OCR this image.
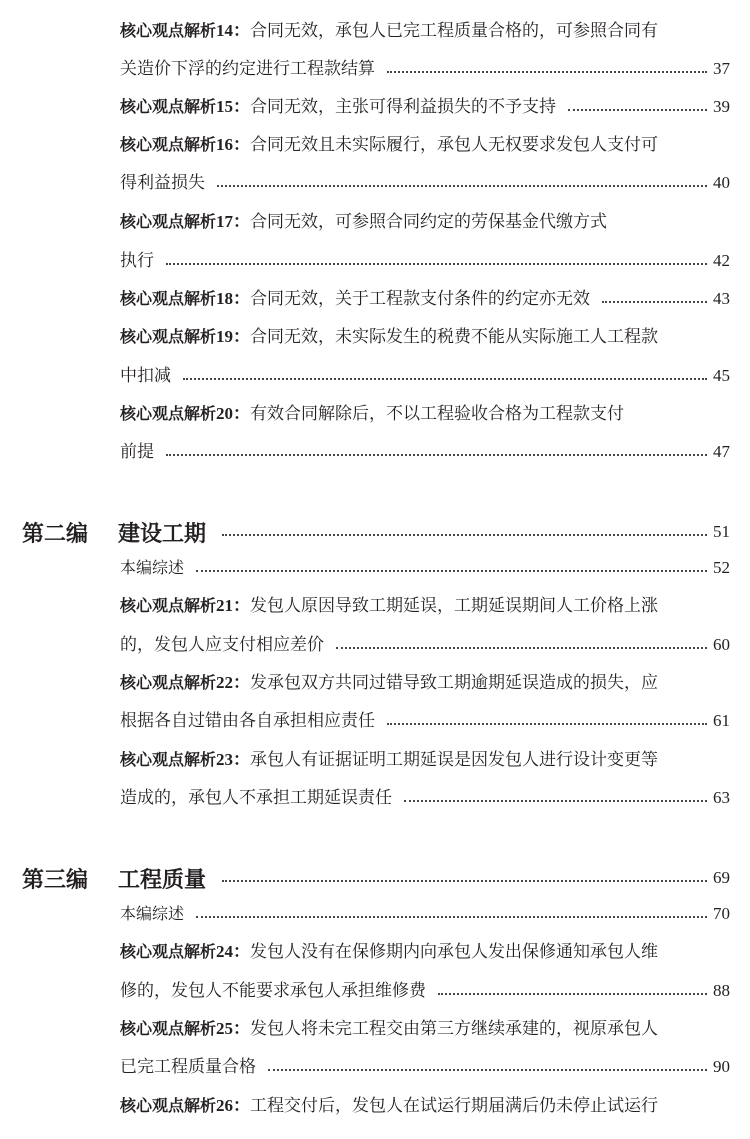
核心观点解析14：合同无效，承包人已完工程质量合格的，可参照合同有
关造价下浮的约定进行工程款结算	37
核心观点解析15：合同无效，主张可得利益损失的不予支持	39
核心观点解析16：合同无效且未实际履行，承包人无权要求发包人支付可
得利益损失	40
核心观点解析17：合同无效，可参照合同约定的劳保基金代缴方式
执行	42
核心观点解析18：合同无效，关于工程款支付条件的约定亦无效	43
核心观点解析19：合同无效，未实际发生的税费不能从实际施工人工程款
中扣减	45
核心观点解析20：有效合同解除后，不以工程验收合格为工程款支付
前提	47
第二编 建设工期	51
本编综述	52
核心观点解析21：发包人原因导致工期延误，工期延误期间人工价格上涨
的，发包人应支付相应差价	60
核心观点解析22：发承包双方共同过错导致工期逾期延误造成的损失，应
根据各自过错由各自承担相应责任	61
核心观点解析23：承包人有证据证明工期延误是因发包人进行设计变更等
造成的，承包人不承担工期延误责任	63
第三编 工程质量	69
本编综述	70
核心观点解析24：发包人没有在保修期内向承包人发出保修通知承包人维
修的，发包人不能要求承包人承担维修费	88
核心观点解析25：发包人将未完工程交由第三方继续承建的，视原承包人
已完工程质量合格	90
核心观点解析26：工程交付后，发包人在试运行期届满后仍未停止试运行
